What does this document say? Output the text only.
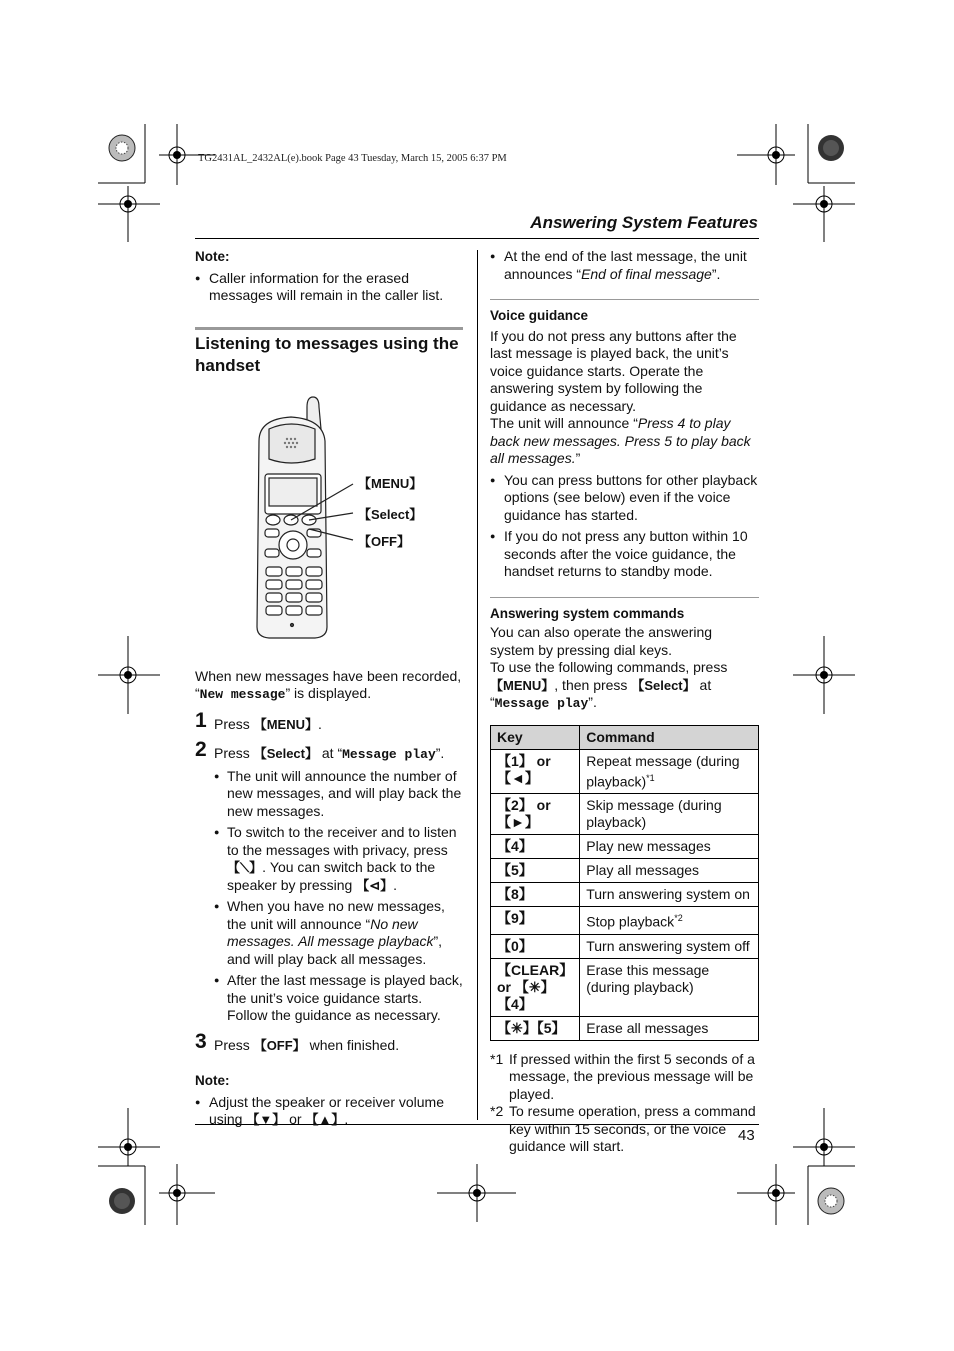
TG2431AL_2432AL(e).book Page 43 Tuesday, March 15, 2005 6:37 PM
Answering System Features
43
Note:
● Caller information for the erased messages will remain in the caller list.
Listening to messages using the handset
【MENU】
【Select】
【OFF】
When new messages have been recorded, “New message” is displayed.
1 Press 【MENU】.
2 Press 【Select】 at “Message play”.
● The unit will announce the number of new messages, and will play back the new messages.
● To switch to the receiver and to listen to the messages with privacy, press 【⟍】. You can switch back to the speaker by pressing 【⊲】.
● When you have no new messages, the unit will announce “No new messages. All message playback”, and will play back all messages.
● After the last message is played back, the unit’s voice guidance starts. Follow the guidance as necessary.
3 Press 【OFF】 when finished.
Note:
● Adjust the speaker or receiver volume using 【▼】 or 【▲】.
● At the end of the last message, the unit announces “End of final message”.
Voice guidance
If you do not press any buttons after the last message is played back, the unit’s voice guidance starts. Operate the answering system by following the guidance as necessary.
The unit will announce “Press 4 to play back new messages. Press 5 to play back all messages.”
● You can press buttons for other playback options (see below) even if the voice guidance has started.
● If you do not press any button within 10 seconds after the voice guidance, the handset returns to standby mode.
Answering system commands
You can also operate the answering system by pressing dial keys.
To use the following commands, press 【MENU】, then press 【Select】 at “Message play”.
Key	Command
【1】 or 【◄】	Repeat message (during playback)$^{*1}$
【2】 or 【►】	Skip message (during playback)
【4】	Play new messages
【5】	Play all messages
【8】	Turn answering system on
【9】	Stop playback$^{*2}$
【0】	Turn answering system off
【CLEAR】 or 【✳】【4】	Erase this message (during playback)
【✳】【5】	Erase all messages
*1 If pressed within the first 5 seconds of a message, the previous message will be played.
*2 To resume operation, press a command key within 15 seconds, or the voice guidance will start.
